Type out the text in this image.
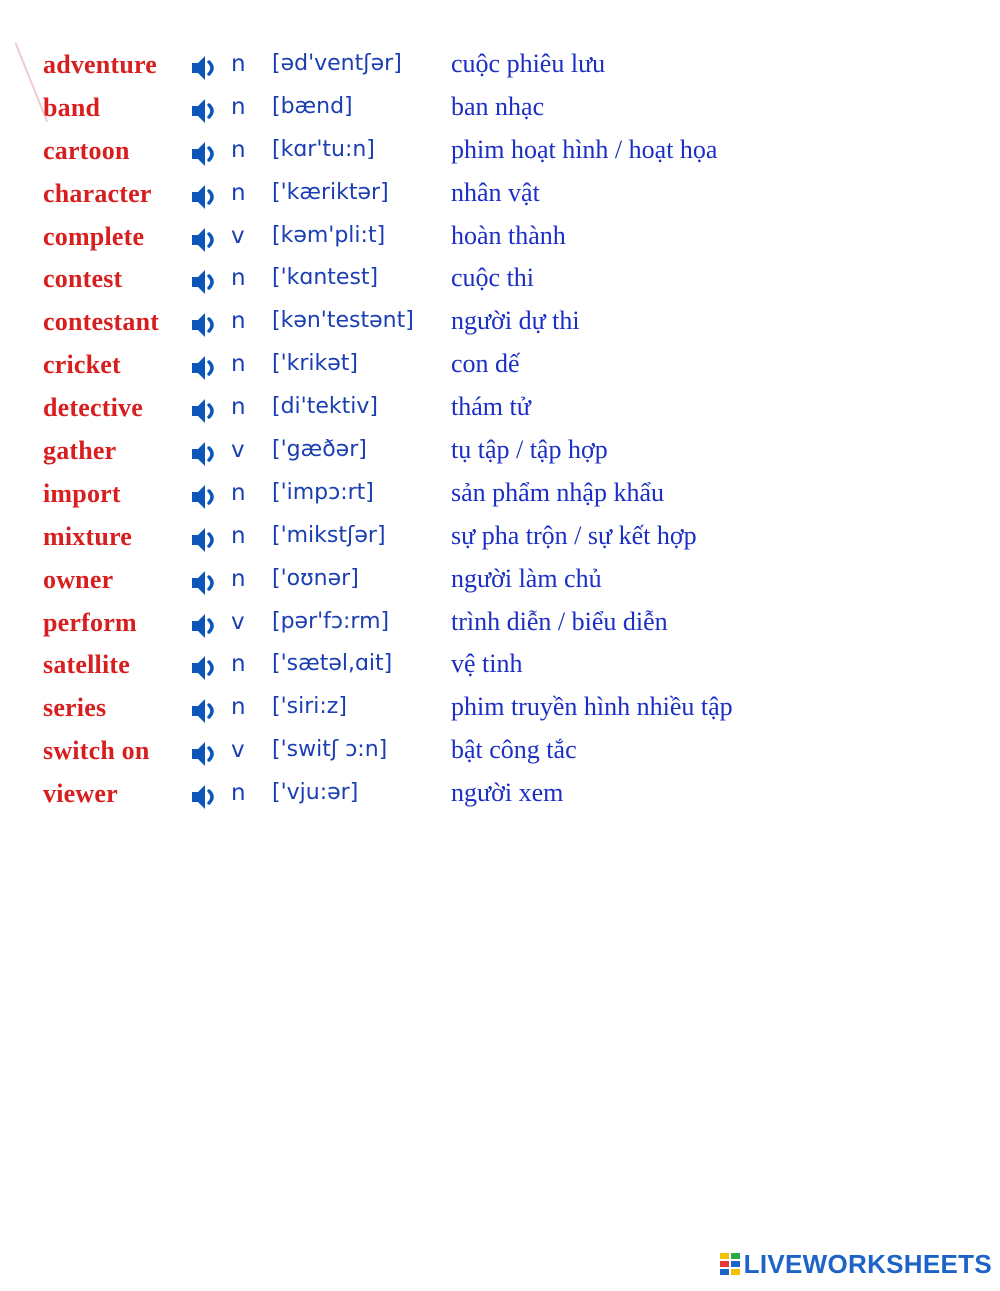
adventure	n [əd'ventʃər] cuộc phiêu lưu
band	n [bænd]	ban nhạc
cartoon	n [kɑr'tu:n]	phim hoạt hình / hoạt họa
character	n ['kæriktər] nhân vật
complete	v [kəm'pli:t]	hoàn thành
contest	n ['kɑntest]	cuộc thi
contestant	n [kən'testənt] người dự thi
cricket	n ['krikət]	con dế
detective	n [di'tektiv]	thám tử
gather	v ['gæðər]	tụ tập / tập hợp
import	n ['impɔ:rt]	sản phẩm nhập khẩu
mixture	n ['mikstʃər]	sự pha trộn / sự kết hợp
owner	n ['oʊnər]	người làm chủ
perform	v [pər'fɔ:rm] trình diễn / biểu diễn
satellite	n ['sætəl,ɑit] vệ tinh
series	n ['siri:z]	phim truyền hình nhiều tập
switch on	v ['switʃ ɔ:n] bật công tắc
viewer	n ['vju:ər]	người xem
LIVEWORKSHEETS
